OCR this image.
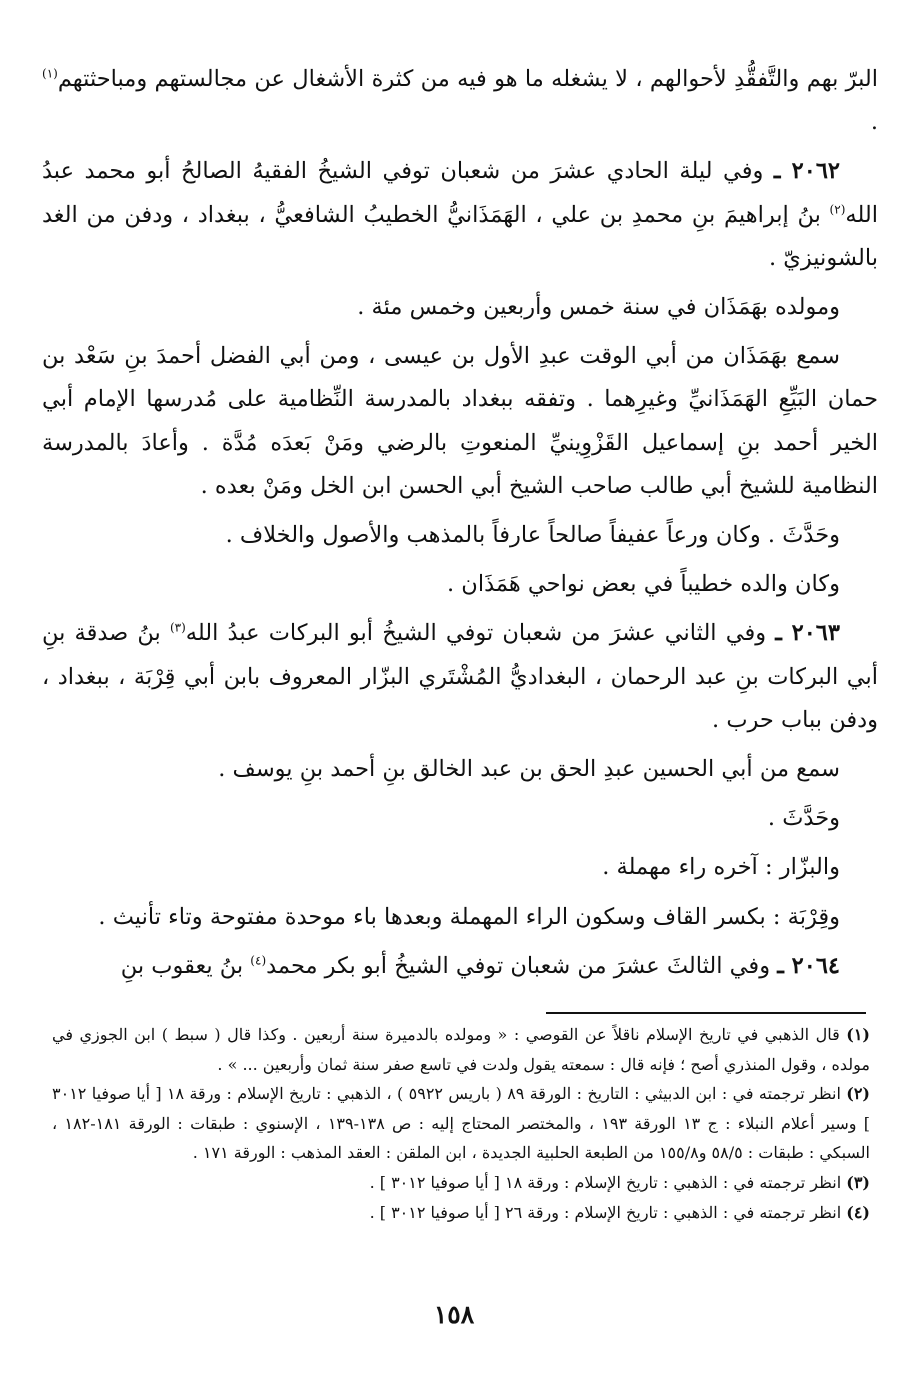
البرّ بهم والتَّفقُّدِ لأحوالهم ، لا يشغله ما هو فيه من كثرة الأشغال عن مجالستهم ومباحثتهم$^{(١)}$ .

٢٠٦٢ ـ وفي ليلة الحادي عشرَ من شعبان توفي الشيخُ الفقيهُ الصالحُ أبو محمد عبدُ الله$^{(٢)}$ بنُ إبراهيمَ بنِ محمدِ بن علي ، الهَمَذَانيُّ الخطيبُ الشافعيُّ ، ببغداد ، ودفن من الغد بالشونيزيّ .

ومولده بهَمَذَان في سنة خمس وأربعين وخمس مئة .

سمع بهَمَذَان من أبي الوقت عبدِ الأول بن عيسى ، ومن أبي الفضل أحمدَ بنِ سَعْد بن حمان البَيِّعِ الهَمَذَانيِّ وغيرِهما . وتفقه ببغداد بالمدرسة النِّظامية على مُدرسها الإمام أبي الخير أحمد بنِ إسماعيل القَزْوِينيِّ المنعوتِ بالرضي ومَنْ بَعدَه مُدَّة . وأعادَ بالمدرسة النظامية للشيخ أبي طالب صاحب الشيخ أبي الحسن ابن الخل ومَنْ بعده .

وحَدَّثَ . وكان ورعاً عفيفاً صالحاً عارفاً بالمذهب والأصول والخلاف .

وكان والده خطيباً في بعض نواحي هَمَذَان .

٢٠٦٣ ـ وفي الثاني عشرَ من شعبان توفي الشيخُ أبو البركات عبدُ الله$^{(٣)}$ بنُ صدقة بنِ أبي البركات بنِ عبد الرحمان ، البغداديُّ المُشْتَري البزّار المعروف بابن أبي قِرْبَة ، ببغداد ، ودفن بباب حرب .

سمع من أبي الحسين عبدِ الحق بن عبد الخالق بنِ أحمد بنِ يوسف .

وحَدَّثَ .

والبزّار : آخره راء مهملة .

وقِرْبَة : بكسر القاف وسكون الراء المهملة وبعدها باء موحدة مفتوحة وتاء تأنيث .

٢٠٦٤ ـ وفي الثالثَ عشرَ من شعبان توفي الشيخُ أبو بكر محمد$^{(٤)}$ بنُ يعقوب بنِ

(١) قال الذهبي في تاريخ الإسلام ناقلاً عن القوصي : « ومولده بالدميرة سنة أربعين . وكذا قال ( سبط ) ابن الجوزي في مولده ، وقول المنذري أصح ؛ فإنه قال : سمعته يقول ولدت في تاسع صفر سنة ثمان وأربعين ... » .

(٢) انظر ترجمته في : ابن الدبيثي : التاريخ : الورقة ٨٩ ( باريس ٥٩٢٢ ) ، الذهبي : تاريخ الإسلام : ورقة ١٨ [ أيا صوفيا ٣٠١٢ ] وسير أعلام النبلاء : ج ١٣ الورقة ١٩٣ ، والمختصر المحتاج إليه : ص ١٣٨-١٣٩ ، الإسنوي : طبقات : الورقة ١٨١-١٨٢ ، السبكي : طبقات : ٥٨/٥ و١٥٥/٨ من الطبعة الحلبية الجديدة ، ابن الملقن : العقد المذهب : الورقة ١٧١ .

(٣) انظر ترجمته في : الذهبي : تاريخ الإسلام : ورقة ١٨ [ أيا صوفيا ٣٠١٢ ] .

(٤) انظر ترجمته في : الذهبي : تاريخ الإسلام : ورقة ٢٦ [ أيا صوفيا ٣٠١٢ ] .

١٥٨
